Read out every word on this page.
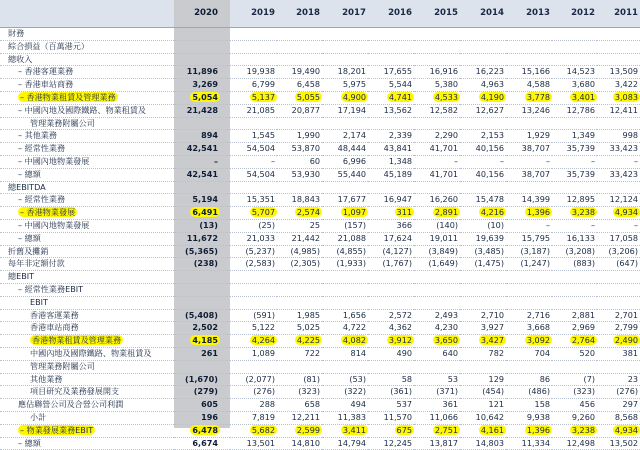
	2020	2019	2018	2017	2016	2015	2014	2013	2012	2011
財務										
綜合損益（百萬港元）										
總收入										
– 香港客運業務	11,896	19,938	19,490	18,201	17,655	16,916	16,223	15,166	14,523	13,509
– 香港車站商務	3,269	6,799	6,458	5,975	5,544	5,380	4,963	4,588	3,680	3,422
– 香港物業租賃及管理業務	5,054	5,137	5,055	4,900	4,741	4,533	4,190	3,778	3,401	3,083
– 中國內地及國際鐵路、物業租賃及	21,428	21,085	20,877	17,194	13,562	12,582	12,627	13,246	12,786	12,411
管理業務附屬公司										
– 其他業務	894	1,545	1,990	2,174	2,339	2,290	2,153	1,929	1,349	998
– 經常性業務	42,541	54,504	53,870	48,444	43,841	41,701	40,156	38,707	35,739	33,423
– 中國內地物業發展	–	–	60	6,996	1,348	–	–	–	–	–
– 總額	42,541	54,504	53,930	55,440	45,189	41,701	40,156	38,707	35,739	33,423
總EBITDA										
– 經常性業務	5,194	15,351	18,843	17,677	16,947	16,260	15,478	14,399	12,895	12,124
– 香港物業發展	6,491	5,707	2,574	1,097	311	2,891	4,216	1,396	3,238	4,934
– 中國內地物業發展	(13)	(25)	25	(157)	366	(140)	(10)	–	–	–
– 總額	11,672	21,033	21,442	21,088	17,624	19,011	19,639	15,795	16,133	17,058
折舊及攤銷	(5,365)	(5,237)	(4,985)	(4,855)	(4,127)	(3,849)	(3,485)	(3,187)	(3,208)	(3,206)
每年非定額付款	(238)	(2,583)	(2,305)	(1,933)	(1,767)	(1,649)	(1,475)	(1,247)	(883)	(647)
總EBIT										
– 經常性業務EBIT										
EBIT										
香港客運業務	(5,408)	(591)	1,985	1,656	2,572	2,493	2,710	2,716	2,881	2,701
香港車站商務	2,502	5,122	5,025	4,722	4,362	4,230	3,927	3,668	2,969	2,799
香港物業租賃及管理業務	4,185	4,264	4,225	4,082	3,912	3,650	3,427	3,092	2,764	2,490
中國內地及國際鐵路、物業租賃及	261	1,089	722	814	490	640	782	704	520	381
管理業務附屬公司										
其他業務	(1,670)	(2,077)	(81)	(53)	58	53	129	86	(7)	23
項目研究及業務發展開支	(279)	(276)	(323)	(322)	(361)	(371)	(454)	(486)	(323)	(276)
應佔聯營公司及合營公司利潤	605	288	658	494	537	361	121	158	456	297
小計	196	7,819	12,211	11,383	11,570	11,066	10,642	9,938	9,260	8,568
– 物業發展業務EBIT	6,478	5,682	2,599	3,411	675	2,751	4,161	1,396	3,238	4,934
– 總額	6,674	13,501	14,810	14,794	12,245	13,817	14,803	11,334	12,498	13,502
